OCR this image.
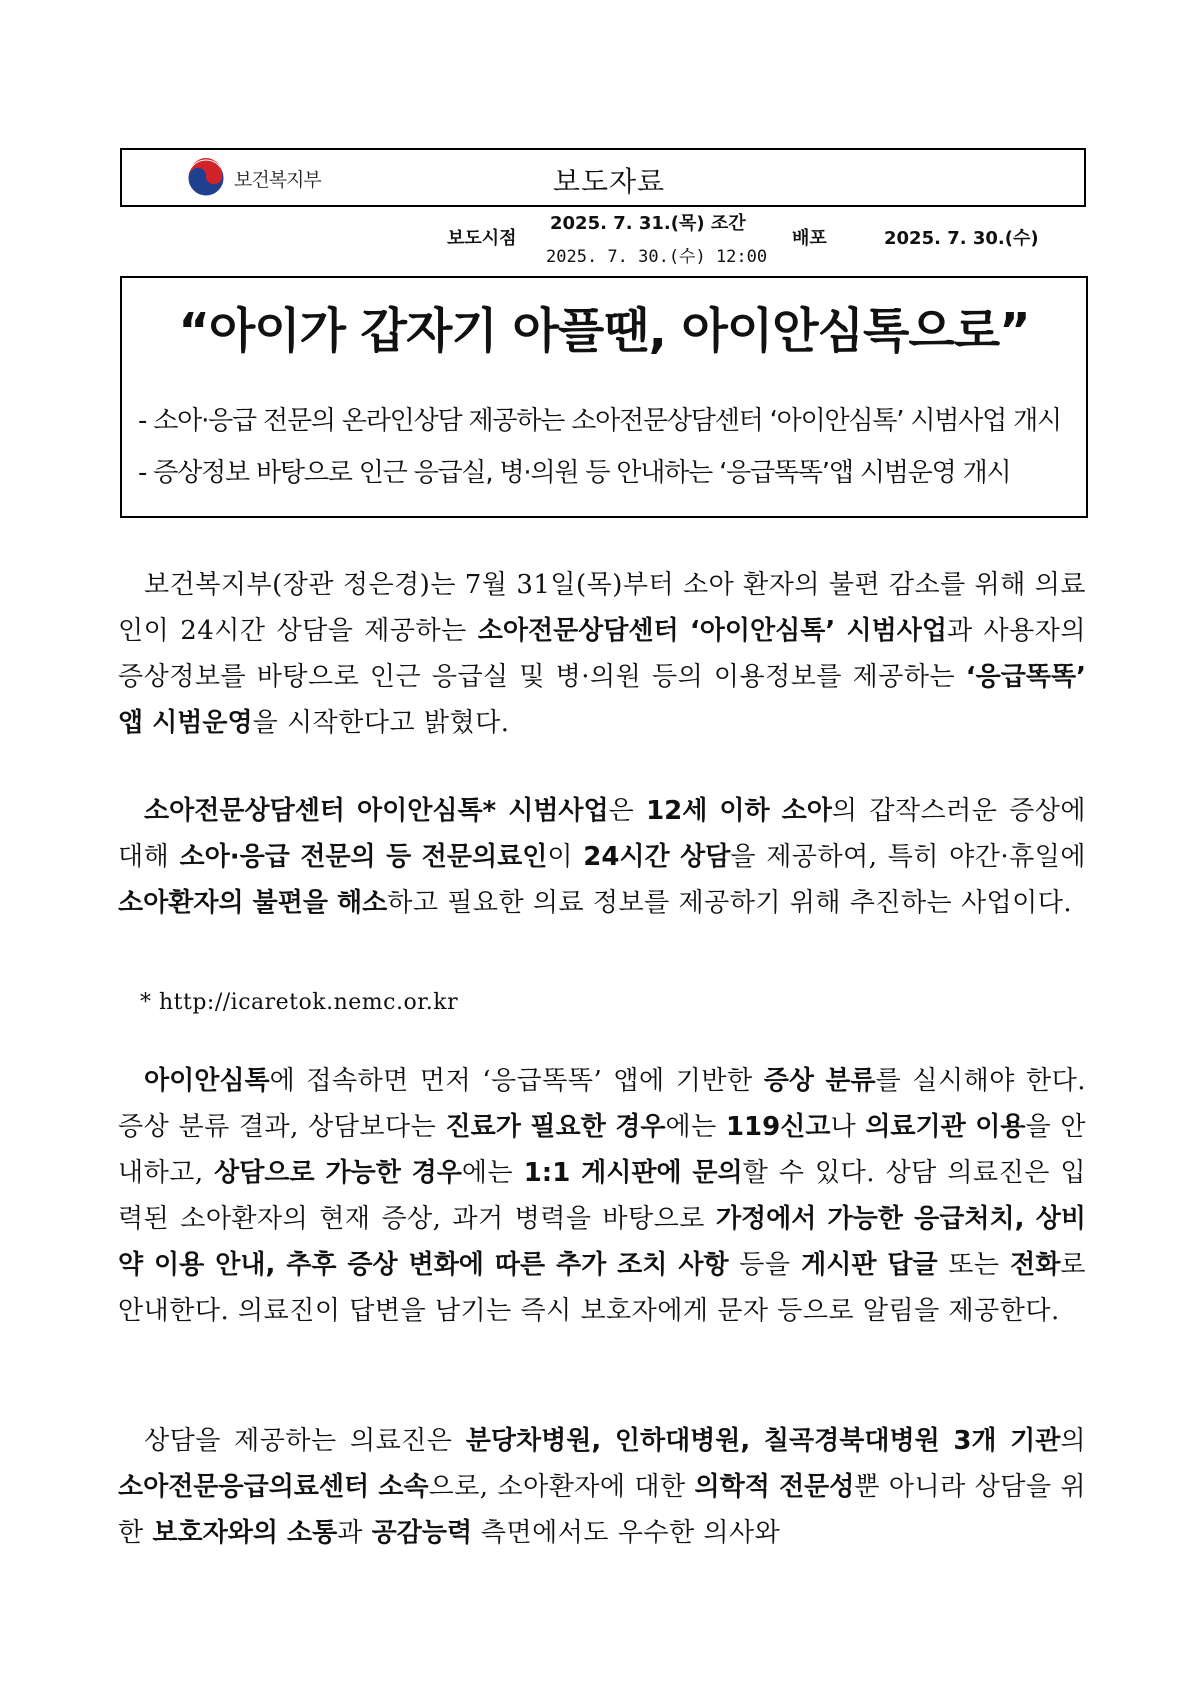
보건복지부	보도자료
보도시점
2025. 7. 31.(목) 조간
2025. 7. 30.(수) 12:00
배포	2025. 7. 30.(수)
“아이가 갑자기 아플땐, 아이안심톡으로”
- 소아·응급 전문의 온라인상담 제공하는 소아전문상담센터 ‘아이안심톡’ 시범사업 개시
- 증상정보 바탕으로 인근 응급실, 병·의원 등 안내하는 ‘응급똑똑’앱 시범운영 개시
보건복지부(장관 정은경)는 7월 31일(목)부터 소아 환자의 불편 감소를 위해 의료인이 24시간 상담을 제공하는 소아전문상담센터 ‘아이안심톡’ 시범사업과 사용자의 증상정보를 바탕으로 인근 응급실 및 병·의원 등의 이용정보를 제공하는 ‘응급똑똑’ 앱 시범운영을 시작한다고 밝혔다.
소아전문상담센터 아이안심톡* 시범사업은 12세 이하 소아의 갑작스러운 증상에 대해 소아·응급 전문의 등 전문의료인이 24시간 상담을 제공하여, 특히 야간·휴일에 소아환자의 불편을 해소하고 필요한 의료 정보를 제공하기 위해 추진하는 사업이다.
* http://icaretok.nemc.or.kr
아이안심톡에 접속하면 먼저 ‘응급똑똑’ 앱에 기반한 증상 분류를 실시해야 한다. 증상 분류 결과, 상담보다는 진료가 필요한 경우에는 119신고나 의료기관 이용을 안내하고, 상담으로 가능한 경우에는 1:1 게시판에 문의할 수 있다. 상담 의료진은 입력된 소아환자의 현재 증상, 과거 병력을 바탕으로 가정에서 가능한 응급처치, 상비약 이용 안내, 추후 증상 변화에 따른 추가 조치 사항 등을 게시판 답글 또는 전화로 안내한다. 의료진이 답변을 남기는 즉시 보호자에게 문자 등으로 알림을 제공한다.
상담을 제공하는 의료진은 분당차병원, 인하대병원, 칠곡경북대병원 3개 기관의 소아전문응급의료센터 소속으로, 소아환자에 대한 의학적 전문성뿐 아니라 상담을 위한 보호자와의 소통과 공감능력 측면에서도 우수한 의사와
